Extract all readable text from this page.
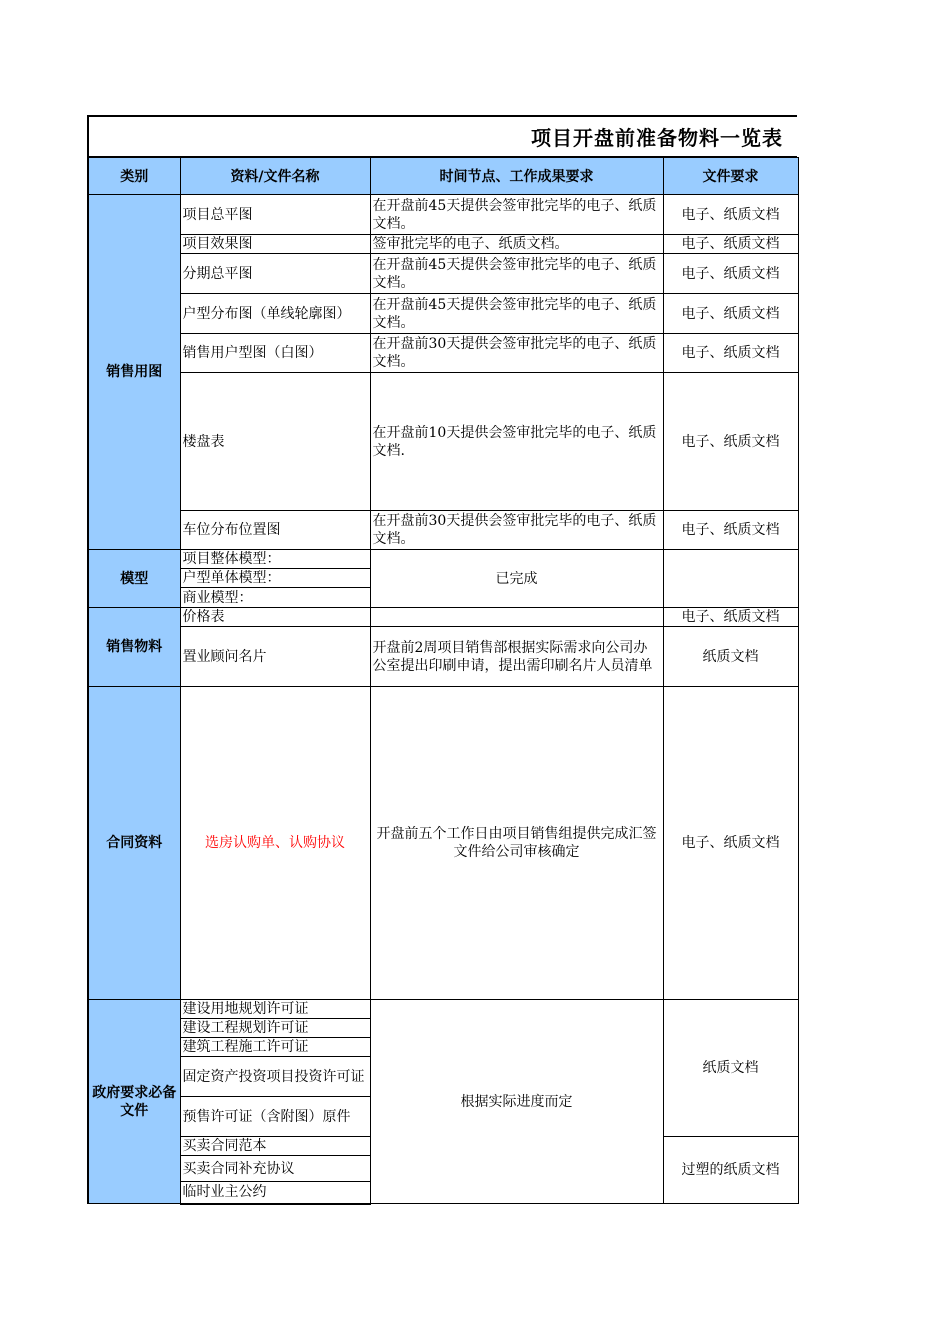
项目开盘前准备物料一览表
类别	资料/文件名称	时间节点、工作成果要求	文件要求
销售用图	项目总平图	在开盘前45天提供会签审批完毕的电子、纸质文档。	电子、纸质文档
	项目效果图	签审批完毕的电子、纸质文档。	电子、纸质文档
	分期总平图	在开盘前45天提供会签审批完毕的电子、纸质文档。	电子、纸质文档
	户型分布图（单线轮廓图）	在开盘前45天提供会签审批完毕的电子、纸质文档。	电子、纸质文档
	销售用户型图（白图）	在开盘前30天提供会签审批完毕的电子、纸质文档。	电子、纸质文档
	楼盘表	在开盘前10天提供会签审批完毕的电子、纸质文档.	电子、纸质文档
	车位分布位置图	在开盘前30天提供会签审批完毕的电子、纸质文档。	电子、纸质文档
模型	项目整体模型：	已完成	
	户型单体模型：		
	商业模型：		
销售物料	价格表		电子、纸质文档
	置业顾问名片	开盘前2周项目销售部根据实际需求向公司办公室提出印刷申请，提出需印刷名片人员清单	纸质文档
合同资料	选房认购单、认购协议	开盘前五个工作日由项目销售组提供完成汇签文件给公司审核确定	电子、纸质文档
政府要求必备文件	建设用地规划许可证	根据实际进度而定	纸质文档
	建设工程规划许可证		
	建筑工程施工许可证		
	固定资产投资项目投资许可证		
	预售许可证（含附图）原件		
	买卖合同范本		过塑的纸质文档
	买卖合同补充协议		
	临时业主公约		
